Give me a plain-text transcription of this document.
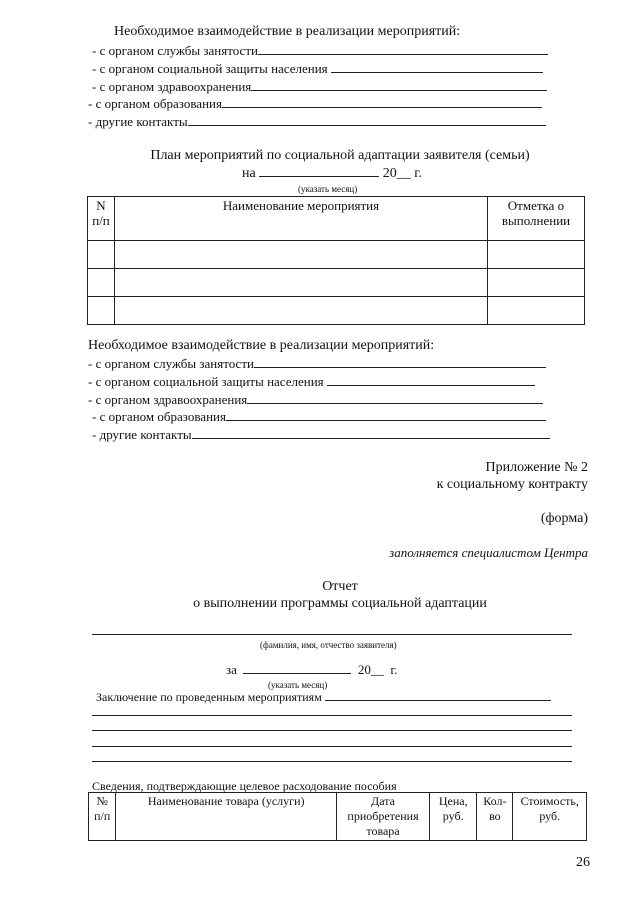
Необходимое взаимодействие в реализации мероприятий:
- с органом службы занятости
- с органом социальной защиты населения
- с органом здравоохранения
- с органом образования
- другие контакты
План мероприятий по социальной адаптации заявителя (семьи)
на	20__ г.
(указать месяц)
N п/п	Наименование мероприятия	Отметка о выполнении

Необходимое взаимодействие в реализации мероприятий:
- с органом службы занятости
- с органом социальной защиты населения
- с органом здравоохранения
- с органом образования
- другие контакты
Приложение № 2
к социальному контракту
(форма)
заполняется специалистом Центра
Отчет
о выполнении программы социальной адаптации
(фамилия, имя, отчество заявителя)
за	20__ г.
(указать месяц)
Заключение по проведенным мероприятиям
Сведения, подтверждающие целевое расходование пособия
№ п/п	Наименование товара (услуги)	Дата приобретения товара	Цена, руб.	Кол-во	Стоимость, руб.
26
